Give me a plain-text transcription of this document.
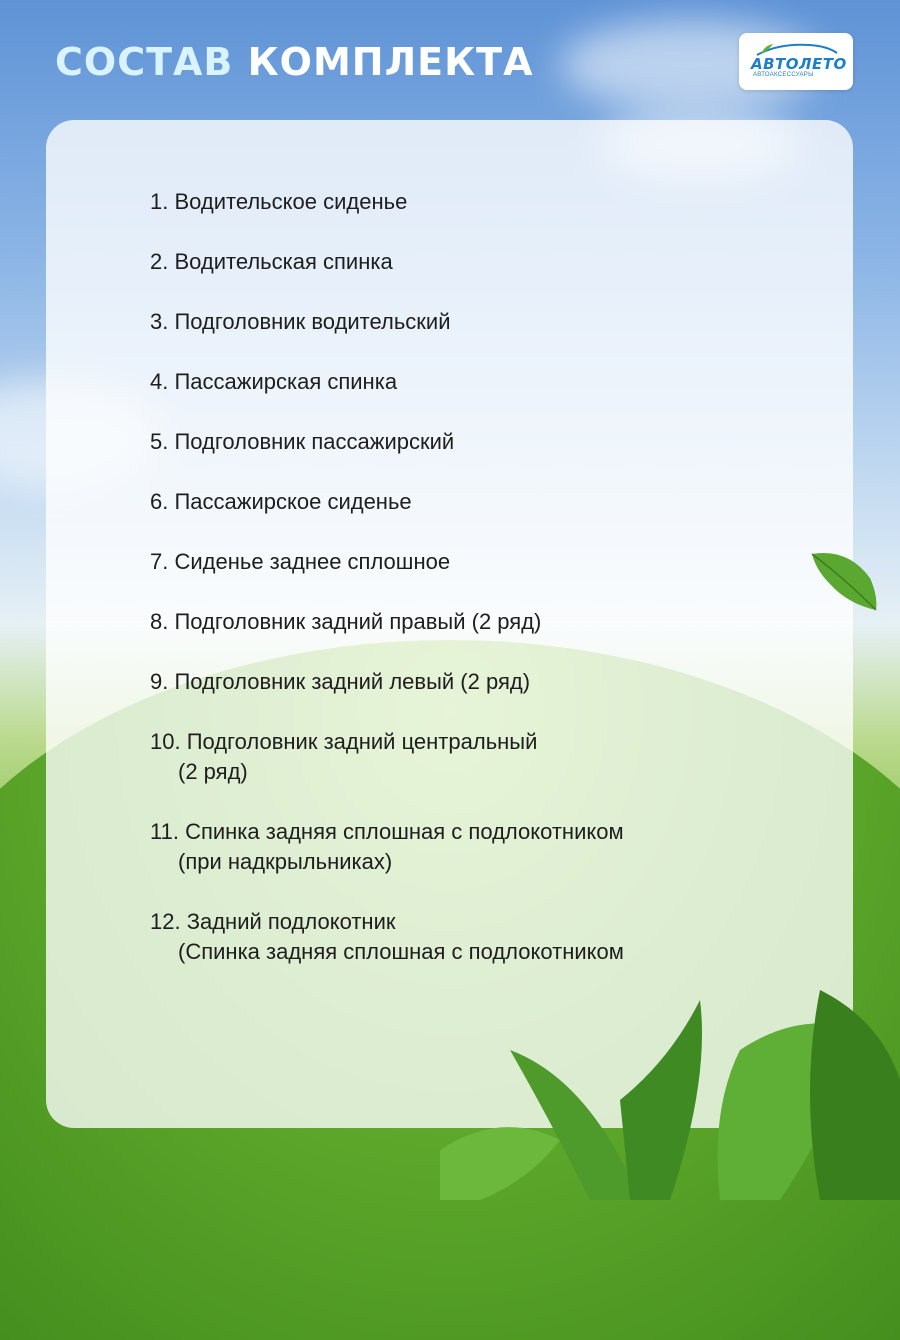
СОСТАВ КОМПЛЕКТА	АВТОЛЕТО
АВТОАКСЕССУАРЫ
1. Водительское сиденье
2. Водительская спинка
3. Подголовник водительский
4. Пассажирская спинка
5. Подголовник пассажирский
6. Пассажирское сиденье
7. Сиденье заднее сплошное
8. Подголовник задний правый (2 ряд)
9. Подголовник задний левый (2 ряд)
10. Подголовник задний центральный
(2 ряд)
11. Спинка задняя сплошная с подлокотником
(при надкрыльниках)
12. Задний подлокотник
(Спинка задняя сплошная с подлокотником
